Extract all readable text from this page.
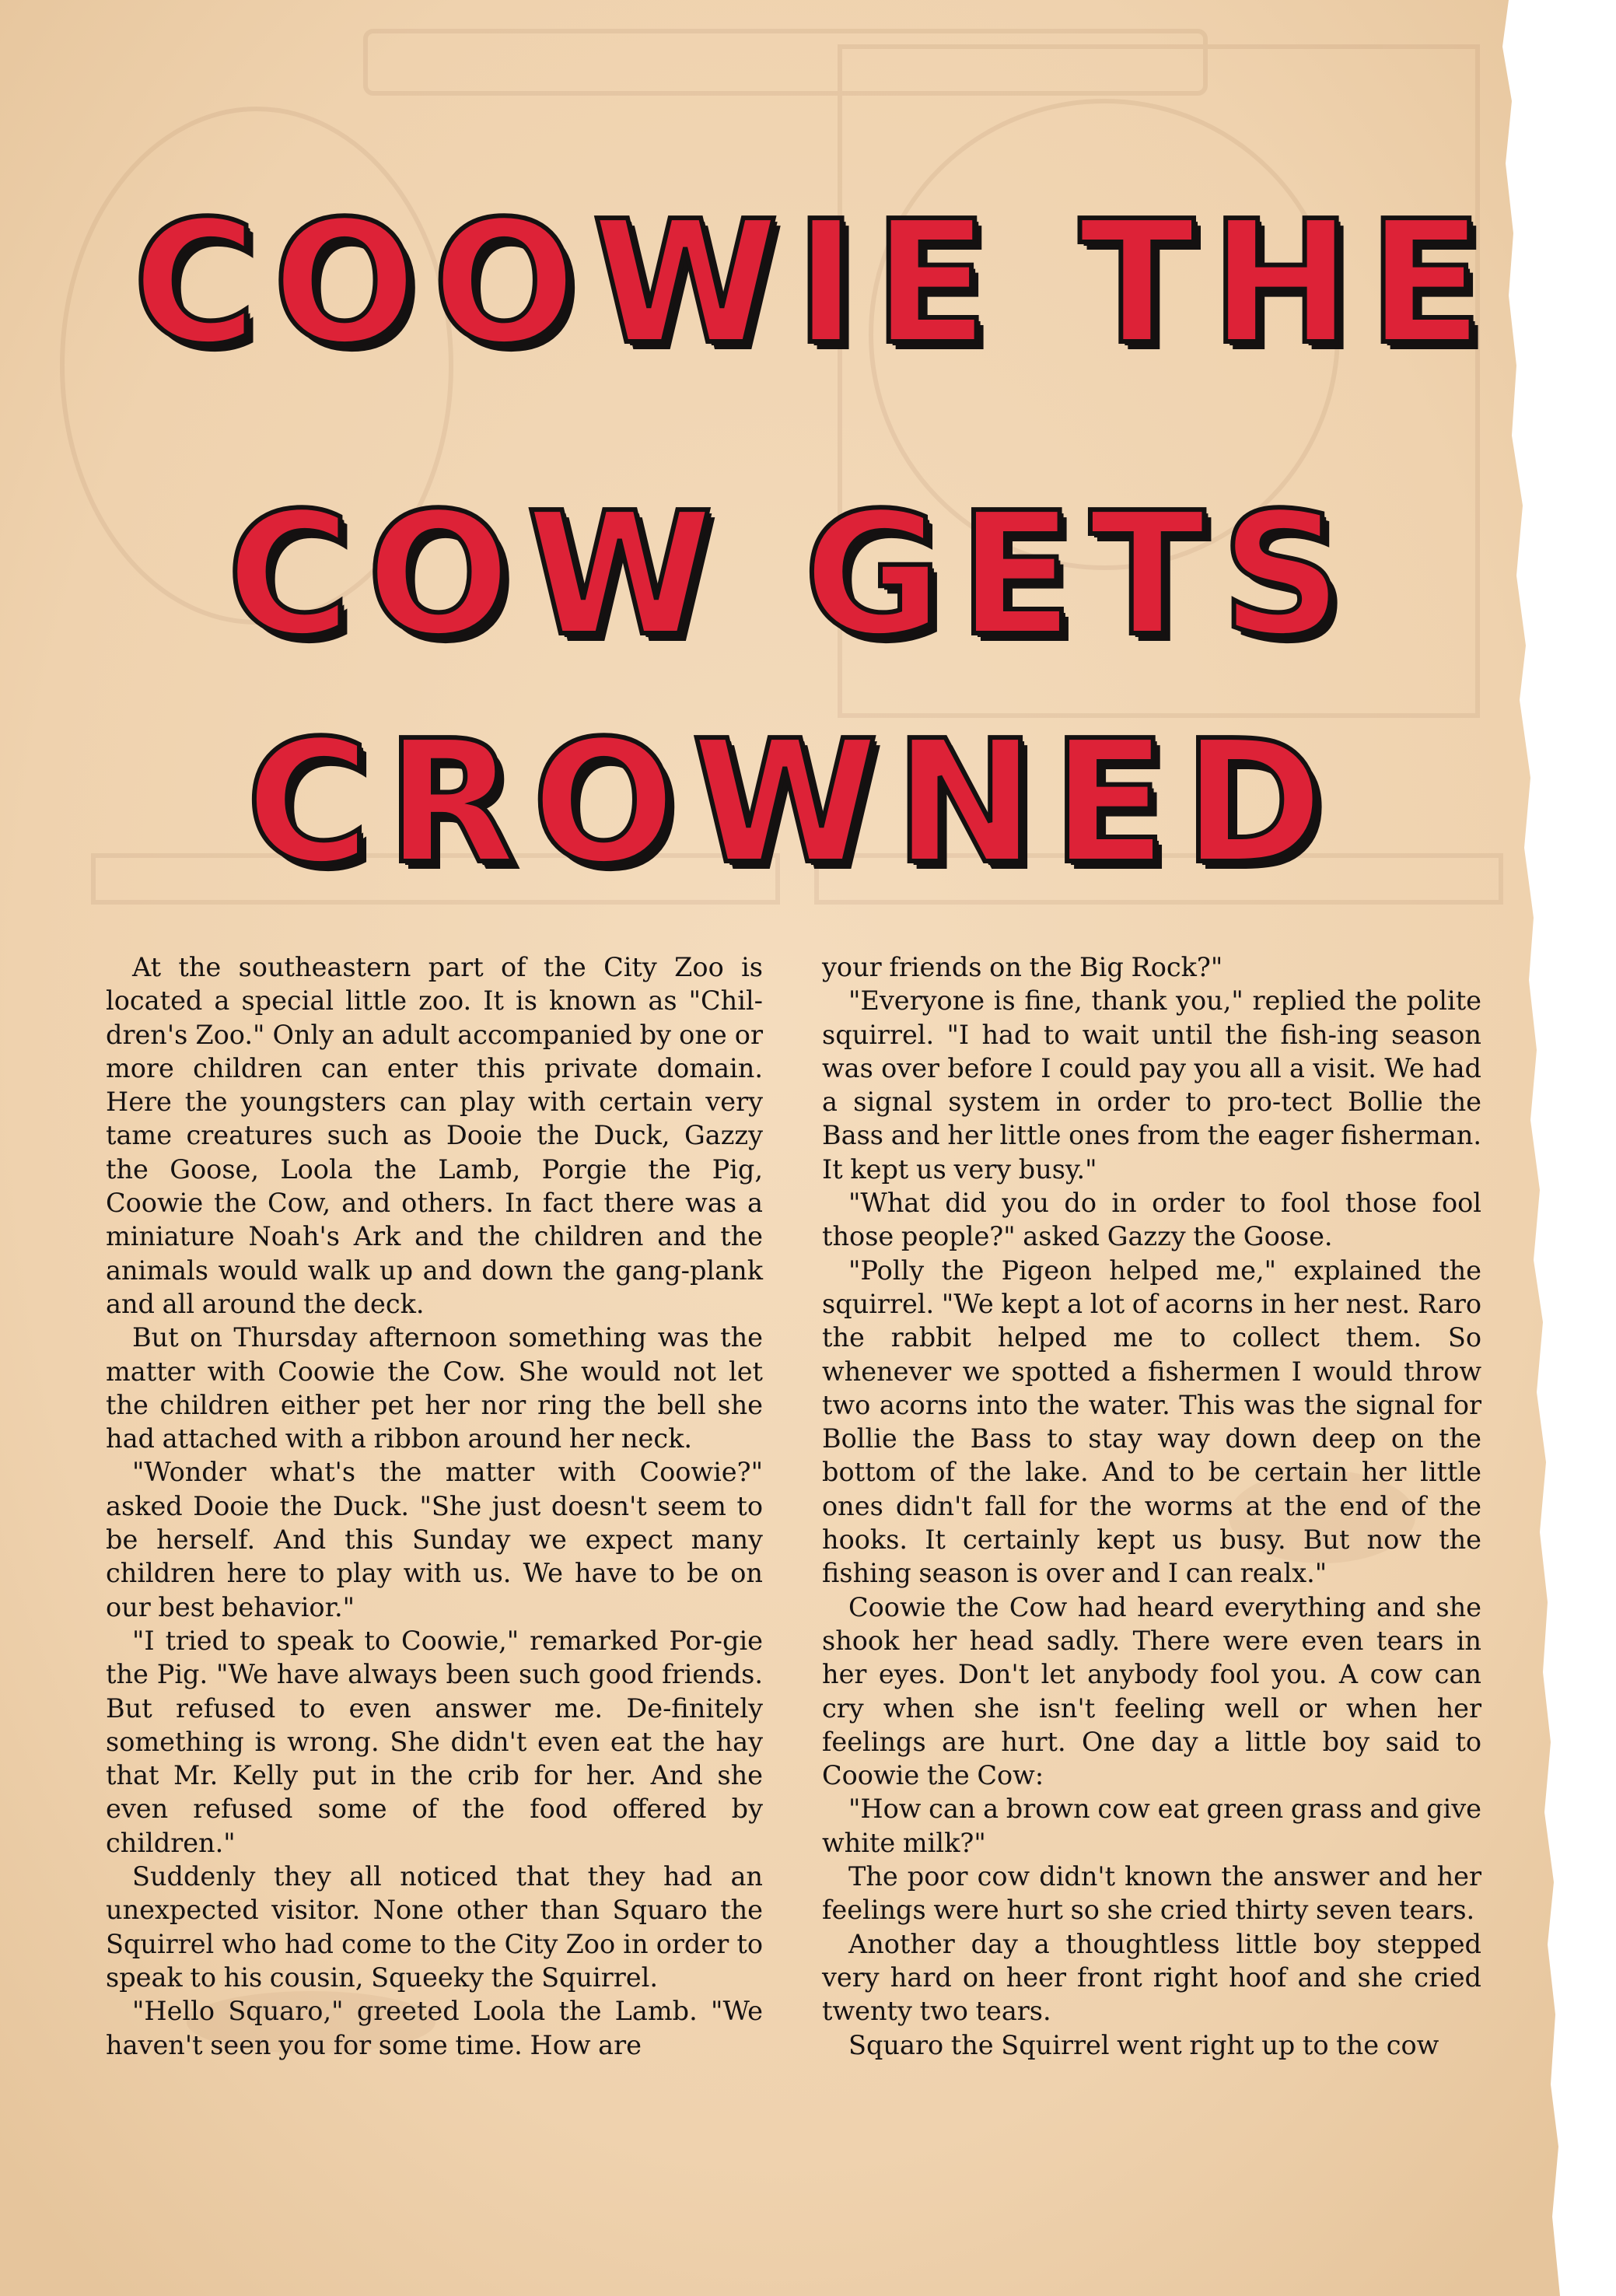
COOWIE THE
COW GETS
CROWNED

At the southeastern part of the City Zoo is located a special little zoo. It is known as "Chil-dren's Zoo." Only an adult accompanied by one or more children can enter this private domain. Here the youngsters can play with certain very tame creatures such as Dooie the Duck, Gazzy the Goose, Loola the Lamb, Porgie the Pig, Coowie the Cow, and others. In fact there was a miniature Noah's Ark and the children and the animals would walk up and down the gang-plank and all around the deck.

But on Thursday afternoon something was the matter with Coowie the Cow. She would not let the children either pet her nor ring the bell she had attached with a ribbon around her neck.

"Wonder what's the matter with Coowie?" asked Dooie the Duck. "She just doesn't seem to be herself. And this Sunday we expect many children here to play with us. We have to be on our best behavior."

"I tried to speak to Coowie," remarked Por-gie the Pig. "We have always been such good friends. But refused to even answer me. De-finitely something is wrong. She didn't even eat the hay that Mr. Kelly put in the crib for her. And she even refused some of the food offered by children."

Suddenly they all noticed that they had an unexpected visitor. None other than Squaro the Squirrel who had come to the City Zoo in order to speak to his cousin, Squeeky the Squirrel.

"Hello Squaro," greeted Loola the Lamb. "We haven't seen you for some time. How are

your friends on the Big Rock?"

"Everyone is fine, thank you," replied the polite squirrel. "I had to wait until the fish-ing season was over before I could pay you all a visit. We had a signal system in order to pro-tect Bollie the Bass and her little ones from the eager fisherman. It kept us very busy."

"What did you do in order to fool those fool those people?" asked Gazzy the Goose.

"Polly the Pigeon helped me," explained the squirrel. "We kept a lot of acorns in her nest. Raro the rabbit helped me to collect them. So whenever we spotted a fishermen I would throw two acorns into the water. This was the signal for Bollie the Bass to stay way down deep on the bottom of the lake. And to be certain her little ones didn't fall for the worms at the end of the hooks. It certainly kept us busy. But now the fishing season is over and I can realx."

Coowie the Cow had heard everything and she shook her head sadly. There were even tears in her eyes. Don't let anybody fool you. A cow can cry when she isn't feeling well or when her feelings are hurt. One day a little boy said to Coowie the Cow:

"How can a brown cow eat green grass and give white milk?"

The poor cow didn't known the answer and her feelings were hurt so she cried thirty seven tears.

Another day a thoughtless little boy stepped very hard on heer front right hoof and she cried twenty two tears.

Squaro the Squirrel went right up to the cow
